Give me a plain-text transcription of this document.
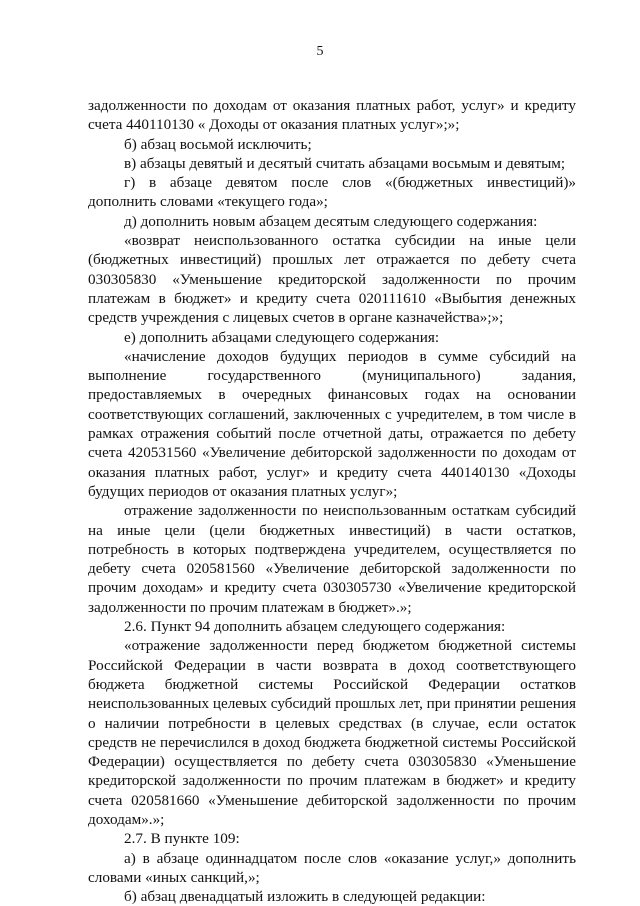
5

задолженности по доходам от оказания платных работ, услуг» и кредиту счета 440110130 « Доходы от оказания платных услуг»;»;

б) абзац восьмой исключить;

в) абзацы девятый и десятый считать абзацами восьмым и девятым;

г) в абзаце девятом после слов «(бюджетных инвестиций)» дополнить словами «текущего года»;

д) дополнить новым абзацем десятым следующего содержания:

«возврат неиспользованного остатка субсидии на иные цели (бюджетных инвестиций) прошлых лет отражается по дебету счета 030305830 «Уменьшение кредиторской задолженности по прочим платежам в бюджет» и кредиту счета 020111610 «Выбытия денежных средств учреждения с лицевых счетов в органе казначейства»;»;

е) дополнить абзацами следующего содержания:

«начисление доходов будущих периодов в сумме субсидий на выполнение государственного (муниципального) задания, предоставляемых в очередных финансовых годах на основании соответствующих соглашений, заключенных с учредителем, в том числе в рамках отражения событий после отчетной даты, отражается по дебету счета 420531560 «Увеличение дебиторской задолженности по доходам от оказания платных работ, услуг» и кредиту счета 440140130 «Доходы будущих периодов от оказания платных услуг»;

отражение задолженности по неиспользованным остаткам субсидий на иные цели (цели бюджетных инвестиций) в части остатков, потребность в которых подтверждена учредителем, осуществляется по дебету счета 020581560 «Увеличение дебиторской задолженности по прочим доходам» и кредиту счета 030305730 «Увеличение кредиторской задолженности по прочим платежам в бюджет».»;

2.6. Пункт 94 дополнить абзацем следующего содержания:

«отражение задолженности перед бюджетом бюджетной системы Российской Федерации в части возврата в доход соответствующего бюджета бюджетной системы Российской Федерации остатков неиспользованных целевых субсидий прошлых лет, при принятии решения о наличии потребности в целевых средствах (в случае, если остаток средств не перечислился в доход бюджета бюджетной системы Российской Федерации) осуществляется по дебету счета 030305830 «Уменьшение кредиторской задолженности по прочим платежам в бюджет» и кредиту счета 020581660 «Уменьшение дебиторской задолженности по прочим доходам».»;

2.7. В пункте 109:

а) в абзаце одиннадцатом после слов «оказание услуг,» дополнить словами «иных санкций,»;

б) абзац двенадцатый изложить в следующей редакции:
